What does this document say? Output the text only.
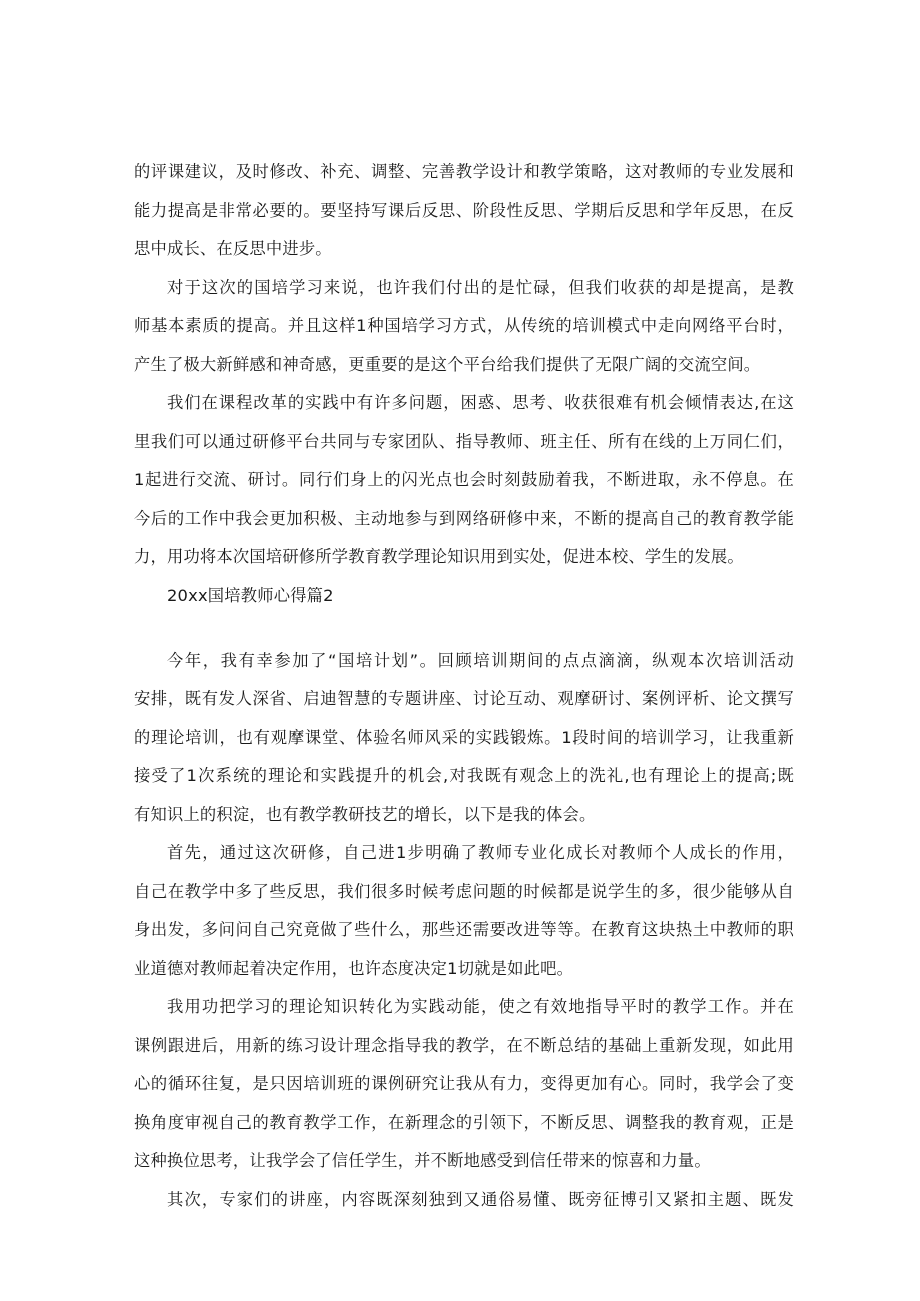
的评课建议，及时修改、补充、调整、完善教学设计和教学策略，这对教师的专业发展和
能力提高是非常必要的。要坚持写课后反思、阶段性反思、学期后反思和学年反思，在反
思中成长、在反思中进步。
对于这次的国培学习来说，也许我们付出的是忙碌，但我们收获的却是提高，是教
师基本素质的提高。并且这样1种国培学习方式，从传统的培训模式中走向网络平台时，
产生了极大新鲜感和神奇感，更重要的是这个平台给我们提供了无限广阔的交流空间。
我们在课程改革的实践中有许多问题，困惑、思考、收获很难有机会倾情表达,在这
里我们可以通过研修平台共同与专家团队、指导教师、班主任、所有在线的上万同仁们，
1起进行交流、研讨。同行们身上的闪光点也会时刻鼓励着我，不断进取，永不停息。在
今后的工作中我会更加积极、主动地参与到网络研修中来，不断的提高自己的教育教学能
力，用功将本次国培研修所学教育教学理论知识用到实处，促进本校、学生的发展。
20xx国培教师心得篇2
今年，我有幸参加了“国培计划”。回顾培训期间的点点滴滴，纵观本次培训活动
安排，既有发人深省、启迪智慧的专题讲座、讨论互动、观摩研讨、案例评析、论文撰写
的理论培训，也有观摩课堂、体验名师风采的实践锻炼。1段时间的培训学习，让我重新
接受了1次系统的理论和实践提升的机会,对我既有观念上的洗礼,也有理论上的提高;既
有知识上的积淀，也有教学教研技艺的增长，以下是我的体会。
首先，通过这次研修，自己进1步明确了教师专业化成长对教师个人成长的作用，
自己在教学中多了些反思，我们很多时候考虑问题的时候都是说学生的多，很少能够从自
身出发，多问问自己究竟做了些什么，那些还需要改进等等。在教育这块热土中教师的职
业道德对教师起着决定作用，也许态度决定1切就是如此吧。
我用功把学习的理论知识转化为实践动能，使之有效地指导平时的教学工作。并在
课例跟进后，用新的练习设计理念指导我的教学，在不断总结的基础上重新发现，如此用
心的循环往复，是只因培训班的课例研究让我从有力，变得更加有心。同时，我学会了变
换角度审视自己的教育教学工作，在新理念的引领下，不断反思、调整我的教育观，正是
这种换位思考，让我学会了信任学生，并不断地感受到信任带来的惊喜和力量。
其次，专家们的讲座，内容既深刻独到又通俗易懂、既旁征博引又紧扣主题、既发
